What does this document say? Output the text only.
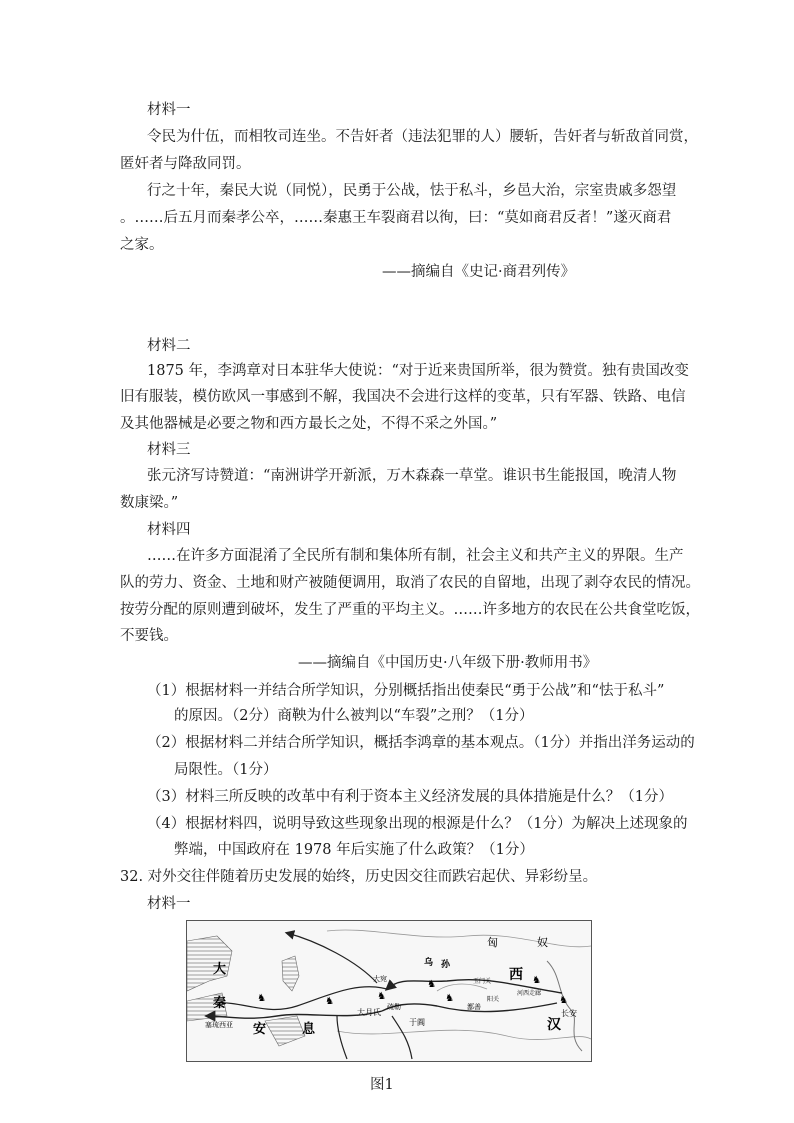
材料一
令民为什伍，而相牧司连坐。不告奸者（违法犯罪的人）腰斩，告奸者与斩敌首同赏，
匿奸者与降敌同罚。
行之十年，秦民大说（同悦），民勇于公战，怯于私斗，乡邑大治，宗室贵戚多怨望
。……后五月而秦孝公卒，……秦惠王车裂商君以徇，曰：“莫如商君反者！”遂灭商君
之家。
——摘编自《史记·商君列传》
材料二
1875 年，李鸿章对日本驻华大使说：“对于近来贵国所举，很为赞赏。独有贵国改变
旧有服装，模仿欧风一事感到不解，我国决不会进行这样的变革，只有军器、铁路、电信
及其他器械是必要之物和西方最长之处，不得不采之外国。”
材料三
张元济写诗赞道：“南洲讲学开新派，万木森森一草堂。谁识书生能报国，晚清人物
数康梁。”
材料四
……在许多方面混淆了全民所有制和集体所有制，社会主义和共产主义的界限。生产
队的劳力、资金、土地和财产被随便调用，取消了农民的自留地，出现了剥夺农民的情况。
按劳分配的原则遭到破坏，发生了严重的平均主义。……许多地方的农民在公共食堂吃饭，
不要钱。
——摘编自《中国历史·八年级下册·教师用书》
（1）根据材料一并结合所学知识，分别概括指出使秦民“勇于公战”和“怯于私斗”
的原因。（2分）商鞅为什么被判以“车裂”之刑？（1分）
（2）根据材料二并结合所学知识，概括李鸿章的基本观点。（1分）并指出洋务运动的
局限性。（1分）
（3）材料三所反映的改革中有利于资本主义经济发展的具体措施是什么？（1分）
（4）根据材料四，说明导致这些现象出现的根源是什么？（1分）为解决上述现象的
弊端，中国政府在 1978 年后实施了什么政策？（1分）
32. 对外交往伴随着历史发展的始终，历史因交往而跌宕起伏、异彩纷呈。
材料一
♞	♞	♞
♞
♞
♞
♞
匈	奴
大
秦
安	息
西
汉
长安
大月氏
乌 孙
大宛
疏勒
于阗
鄯善
玉门关
阳关
河西走廊
塞琉西亚
图1
